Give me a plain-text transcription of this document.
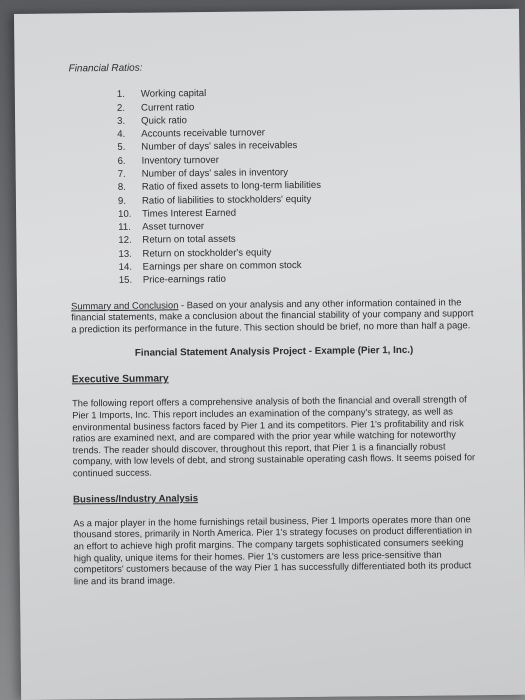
Financial Ratios:
1.	Working capital
2.	Current ratio
3.	Quick ratio
4.	Accounts receivable turnover
5.	Number of days' sales in receivables
6.	Inventory turnover
7.	Number of days' sales in inventory
8.	Ratio of fixed assets to long-term liabilities
9.	Ratio of liabilities to stockholders' equity
10.	Times Interest Earned
11.	Asset turnover
12.	Return on total assets
13.	Return on stockholder's equity
14.	Earnings per share on common stock
15.	Price-earnings ratio

Summary and Conclusion - Based on your analysis and any other information contained in the financial statements, make a conclusion about the financial stability of your company and support a prediction its performance in the future. This section should be brief, no more than half a page.

Financial Statement Analysis Project - Example (Pier 1, Inc.)
Executive Summary

The following report offers a comprehensive analysis of both the financial and overall strength of Pier 1 Imports, Inc. This report includes an examination of the company's strategy, as well as environmental business factors faced by Pier 1 and its competitors. Pier 1's profitability and risk ratios are examined next, and are compared with the prior year while watching for noteworthy trends. The reader should discover, throughout this report, that Pier 1 is a financially robust company, with low levels of debt, and strong sustainable operating cash flows. It seems poised for continued success.

Business/Industry Analysis

As a major player in the home furnishings retail business, Pier 1 Imports operates more than one thousand stores, primarily in North America. Pier 1's strategy focuses on product differentiation in an effort to achieve high profit margins. The company targets sophisticated consumers seeking high quality, unique items for their homes. Pier 1's customers are less price-sensitive than competitors' customers because of the way Pier 1 has successfully differentiated both its product line and its brand image.
